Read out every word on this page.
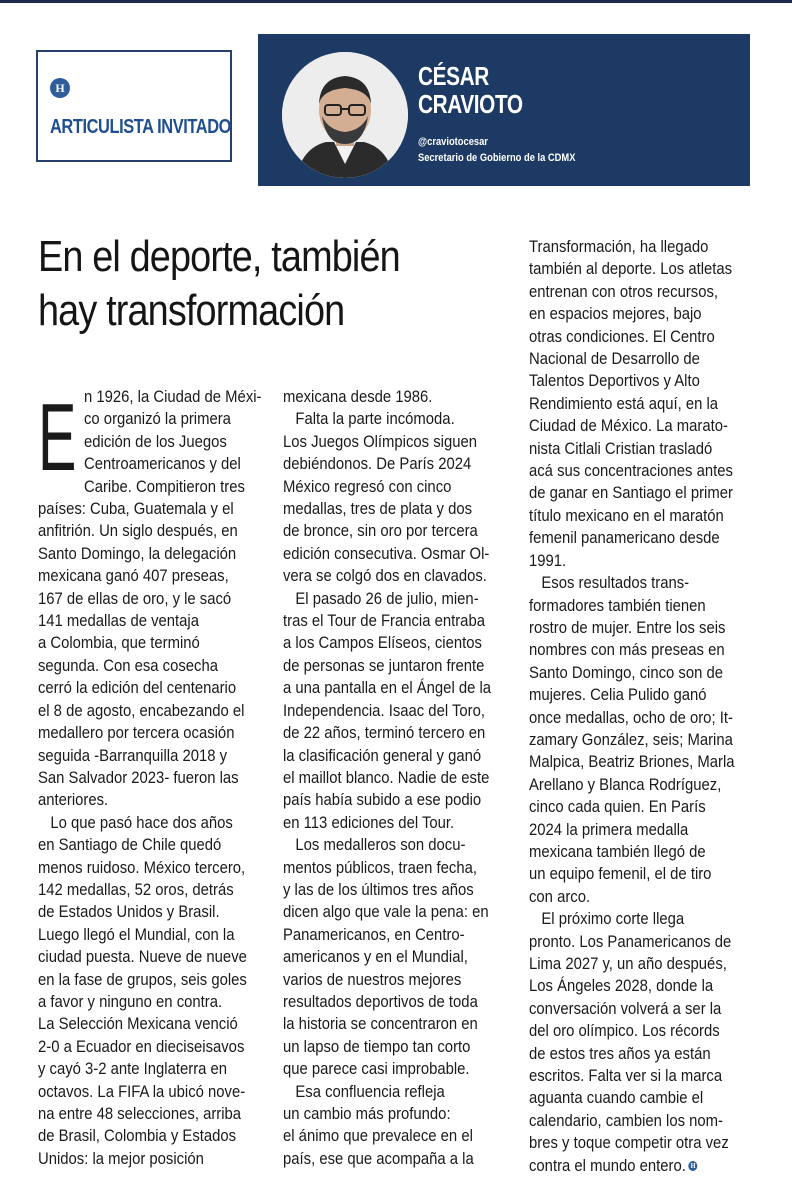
H
ARTICULISTA INVITADO
CÉSAR
CRAVIOTO
@craviotocesar
Secretario de Gobierno de la CDMX
En el deporte, también
hay transformación
E n 1926, la Ciudad de Méxi-
co organizó la primera
edición de los Juegos
Centroamericanos y del
Caribe. Compitieron tres
países: Cuba, Guatemala y el
anfitrión. Un siglo después, en
Santo Domingo, la delegación
mexicana ganó 407 preseas,
167 de ellas de oro, y le sacó
141 medallas de ventaja
a Colombia, que terminó
segunda. Con esa cosecha
cerró la edición del centenario
el 8 de agosto, encabezando el
medallero por tercera ocasión
seguida -Barranquilla 2018 y
San Salvador 2023- fueron las
anteriores.
Lo que pasó hace dos años
en Santiago de Chile quedó
menos ruidoso. México tercero,
142 medallas, 52 oros, detrás
de Estados Unidos y Brasil.
Luego llegó el Mundial, con la
ciudad puesta. Nueve de nueve
en la fase de grupos, seis goles
a favor y ninguno en contra.
La Selección Mexicana venció
2-0 a Ecuador en dieciseisavos
y cayó 3-2 ante Inglaterra en
octavos. La FIFA la ubicó nove-
na entre 48 selecciones, arriba
de Brasil, Colombia y Estados
Unidos: la mejor posición
mexicana desde 1986.
Falta la parte incómoda.
Los Juegos Olímpicos siguen
debiéndonos. De París 2024
México regresó con cinco
medallas, tres de plata y dos
de bronce, sin oro por tercera
edición consecutiva. Osmar Ol-
vera se colgó dos en clavados.
El pasado 26 de julio, mien-
tras el Tour de Francia entraba
a los Campos Elíseos, cientos
de personas se juntaron frente
a una pantalla en el Ángel de la
Independencia. Isaac del Toro,
de 22 años, terminó tercero en
la clasificación general y ganó
el maillot blanco. Nadie de este
país había subido a ese podio
en 113 ediciones del Tour.
Los medalleros son docu-
mentos públicos, traen fecha,
y las de los últimos tres años
dicen algo que vale la pena: en
Panamericanos, en Centro-
americanos y en el Mundial,
varios de nuestros mejores
resultados deportivos de toda
la historia se concentraron en
un lapso de tiempo tan corto
que parece casi improbable.
Esa confluencia refleja
un cambio más profundo:
el ánimo que prevalece en el
país, ese que acompaña a la
Transformación, ha llegado
también al deporte. Los atletas
entrenan con otros recursos,
en espacios mejores, bajo
otras condiciones. El Centro
Nacional de Desarrollo de
Talentos Deportivos y Alto
Rendimiento está aquí, en la
Ciudad de México. La marato-
nista Citlali Cristian trasladó
acá sus concentraciones antes
de ganar en Santiago el primer
título mexicano en el maratón
femenil panamericano desde
1991.
Esos resultados trans-
formadores también tienen
rostro de mujer. Entre los seis
nombres con más preseas en
Santo Domingo, cinco son de
mujeres. Celia Pulido ganó
once medallas, ocho de oro; It-
zamary González, seis; Marina
Malpica, Beatriz Briones, Marla
Arellano y Blanca Rodríguez,
cinco cada quien. En París
2024 la primera medalla
mexicana también llegó de
un equipo femenil, el de tiro
con arco.
El próximo corte llega
pronto. Los Panamericanos de
Lima 2027 y, un año después,
Los Ángeles 2028, donde la
conversación volverá a ser la
del oro olímpico. Los récords
de estos tres años ya están
escritos. Falta ver si la marca
aguanta cuando cambie el
calendario, cambien los nom-
bres y toque competir otra vez
contra el mundo entero. H
